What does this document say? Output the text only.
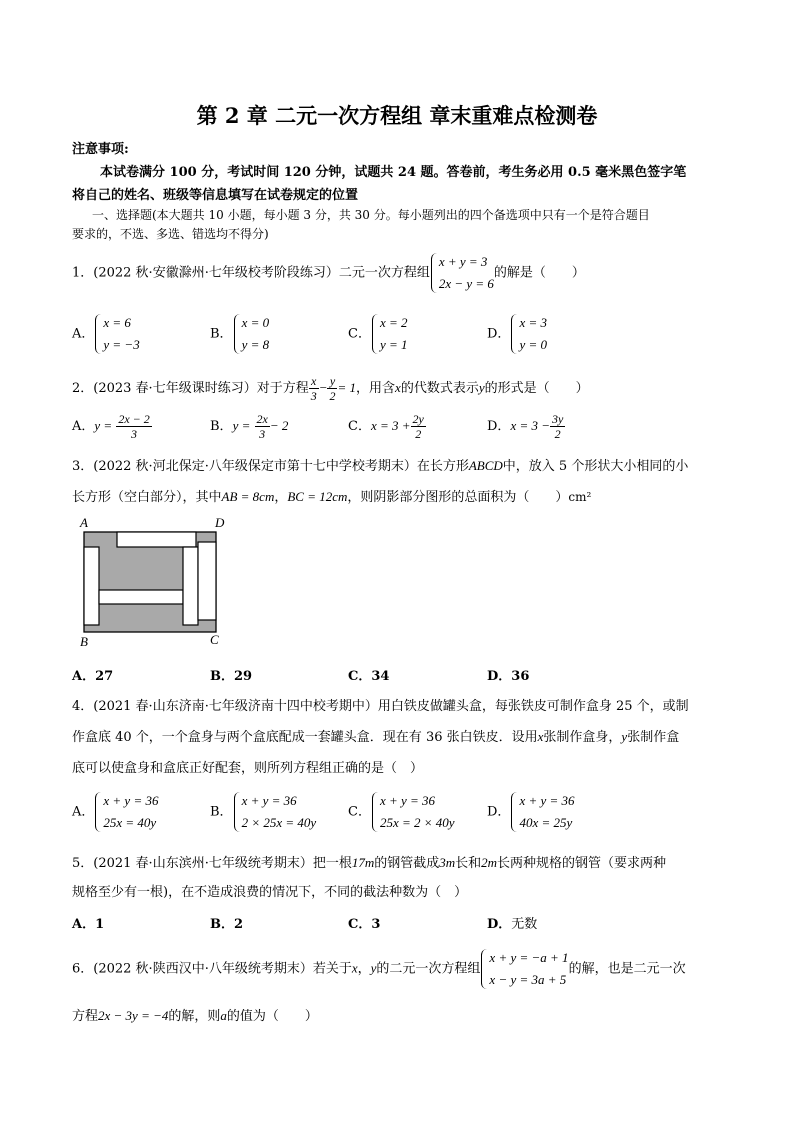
第 2 章 二元一次方程组 章末重难点检测卷
注意事项:
本试卷满分 100 分，考试时间 120 分钟，试题共 24 题。答卷前，考生务必用 0.5 毫米黑色签字笔
将自己的姓名、班级等信息填写在试卷规定的位置
一、选择题(本大题共 10 小题，每小题 3 分，共 30 分。每小题列出的四个备选项中只有一个是符合题目
要求的，不选、多选、错选均不得分)
1．(2022 秋·安徽滁州·七年级校考阶段练习）二元一次方程组
x + y = 3
2x − y = 6
的解是（　　）
A．
x = 6
y = −3
B．
x = 0
y = 8
C．
x = 2
y = 1
D．
x = 3
y = 0
2．(2023 春·七年级课时练习）对于方程 $\frac{x}{3} - \frac{y}{2} = 1$，用含x的代数式表示y的形式是（　　）
A．$y = \frac{2x - 2}{3}$	B．$y = \frac{2x}{3} - 2$	C．$x = 3 + \frac{2y}{2}$	D．$x = 3 - \frac{3y}{2}$
3．(2022 秋·河北保定·八年级保定市第十七中学校考期末）在长方形ABCD中，放入 5 个形状大小相同的小
长方形（空白部分），其中AB = 8cm，BC = 12cm，则阴影部分图形的总面积为（　　）cm²
A	D
B	C
A．27	B．29	C．34	D．36
4．(2021 春·山东济南·七年级济南十四中校考期中）用白铁皮做罐头盒，每张铁皮可制作盒身 25 个，或制
作盒底 40 个，一个盒身与两个盒底配成一套罐头盒．现在有 36 张白铁皮．设用x张制作盒身，y张制作盒
底可以使盒身和盒底正好配套，则所列方程组正确的是（　）
A．
x + y = 36
25x = 40y
B．
x + y = 36
2 × 25x = 40y
C．
x + y = 36
25x = 2 × 40y
D．
x + y = 36
40x = 25y
5．(2021 春·山东滨州·七年级统考期末）把一根17m的钢管截成3m长和2m长两种规格的钢管（要求两种
规格至少有一根)，在不造成浪费的情况下，不同的截法种数为（　）
A．1	B．2	C．3	D．无数
6．(2022 秋·陕西汉中·八年级统考期末）若关于x，y的二元一次方程组
x + y = −a + 1
x − y = 3a + 5
的解，也是二元一次
方程2x − 3y = −4的解，则a的值为（　　）
